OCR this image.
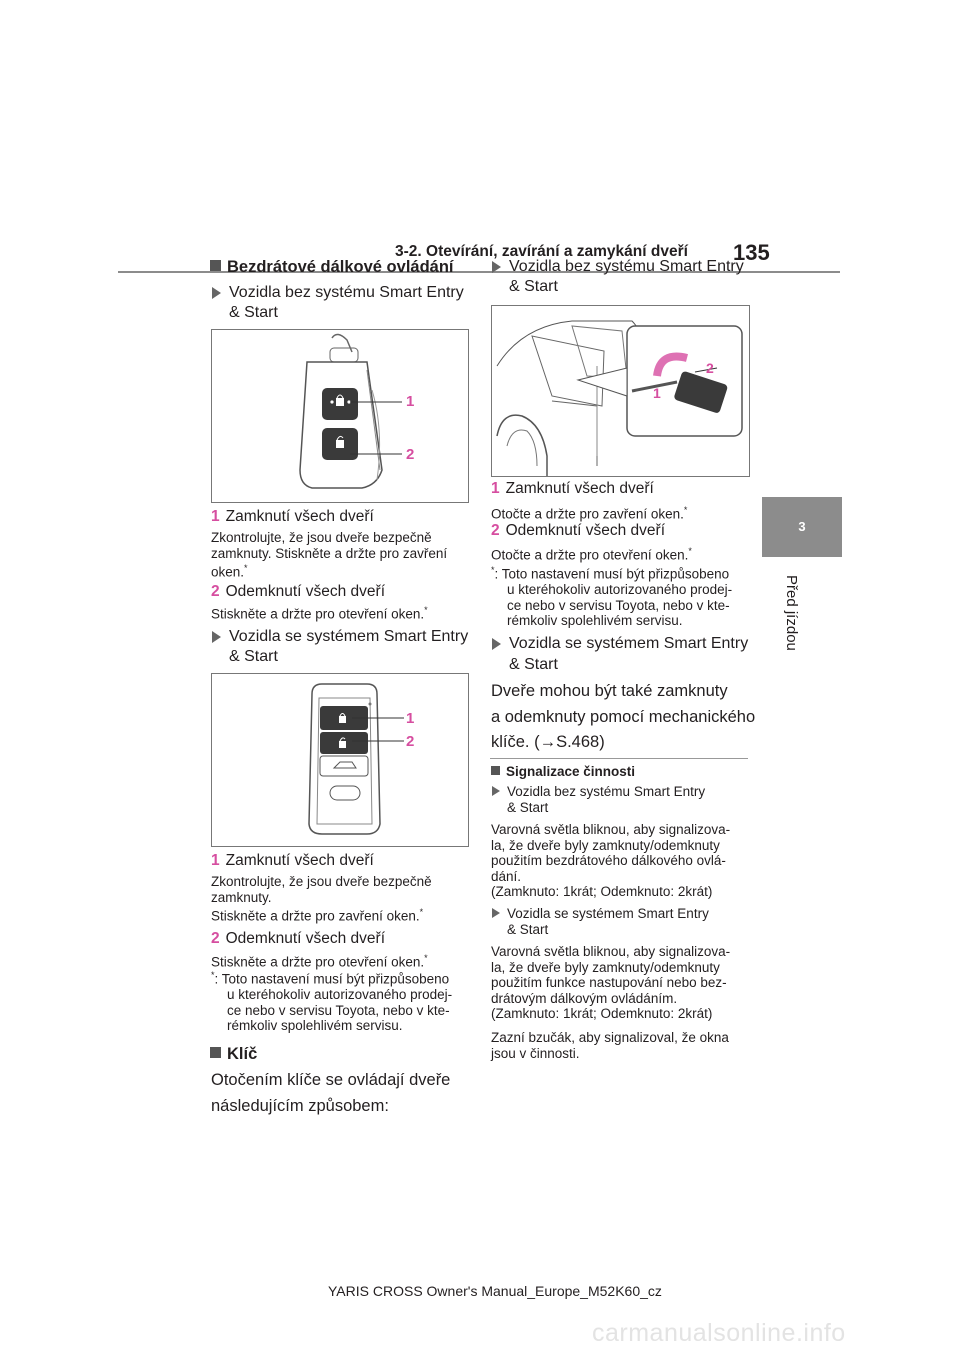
3-2. Otevírání, zavírání a zamykání dveří 135
3
Před jízdou
Bezdrátové dálkové ovládání
Vozidla bez systému Smart Entry
& Start
1
2
1 Zamknutí všech dveří
Zkontrolujte, že jsou dveře bezpečně
zamknuty. Stiskněte a držte pro zavření
oken.*
2 Odemknutí všech dveří
Stiskněte a držte pro otevření oken.*
Vozidla se systémem Smart Entry
& Start
1
2
1 Zamknutí všech dveří
Zkontrolujte, že jsou dveře bezpečně
zamknuty.
Stiskněte a držte pro zavření oken.*
2 Odemknutí všech dveří
Stiskněte a držte pro otevření oken.*
*: Toto nastavení musí být přizpůsobeno
u kteréhokoliv autorizovaného prodej-
ce nebo v servisu Toyota, nebo v kte-
rémkoliv spolehlivém servisu.
Klíč
Otočením klíče se ovládají dveře
následujícím způsobem:
Vozidla bez systému Smart Entry
& Start
1
2
1 Zamknutí všech dveří
Otočte a držte pro zavření oken.*
2 Odemknutí všech dveří
Otočte a držte pro otevření oken.*
*: Toto nastavení musí být přizpůsobeno
u kteréhokoliv autorizovaného prodej-
ce nebo v servisu Toyota, nebo v kte-
rémkoliv spolehlivém servisu.
Vozidla se systémem Smart Entry
& Start
Dveře mohou být také zamknuty
a odemknuty pomocí mechanického
klíče. (→S.468)
Signalizace činnosti
Vozidla bez systému Smart Entry
& Start
Varovná světla bliknou, aby signalizova-
la, že dveře byly zamknuty/odemknuty
použitím bezdrátového dálkového ovlá-
dání.
(Zamknuto: 1krát; Odemknuto: 2krát)
Vozidla se systémem Smart Entry
& Start
Varovná světla bliknou, aby signalizova-
la, že dveře byly zamknuty/odemknuty
použitím funkce nastupování nebo bez-
drátovým dálkovým ovládáním.
(Zamknuto: 1krát; Odemknuto: 2krát)
Zazní bzučák, aby signalizoval, že okna
jsou v činnosti.
YARIS CROSS Owner's Manual_Europe_M52K60_cz
carmanualsonline.info
